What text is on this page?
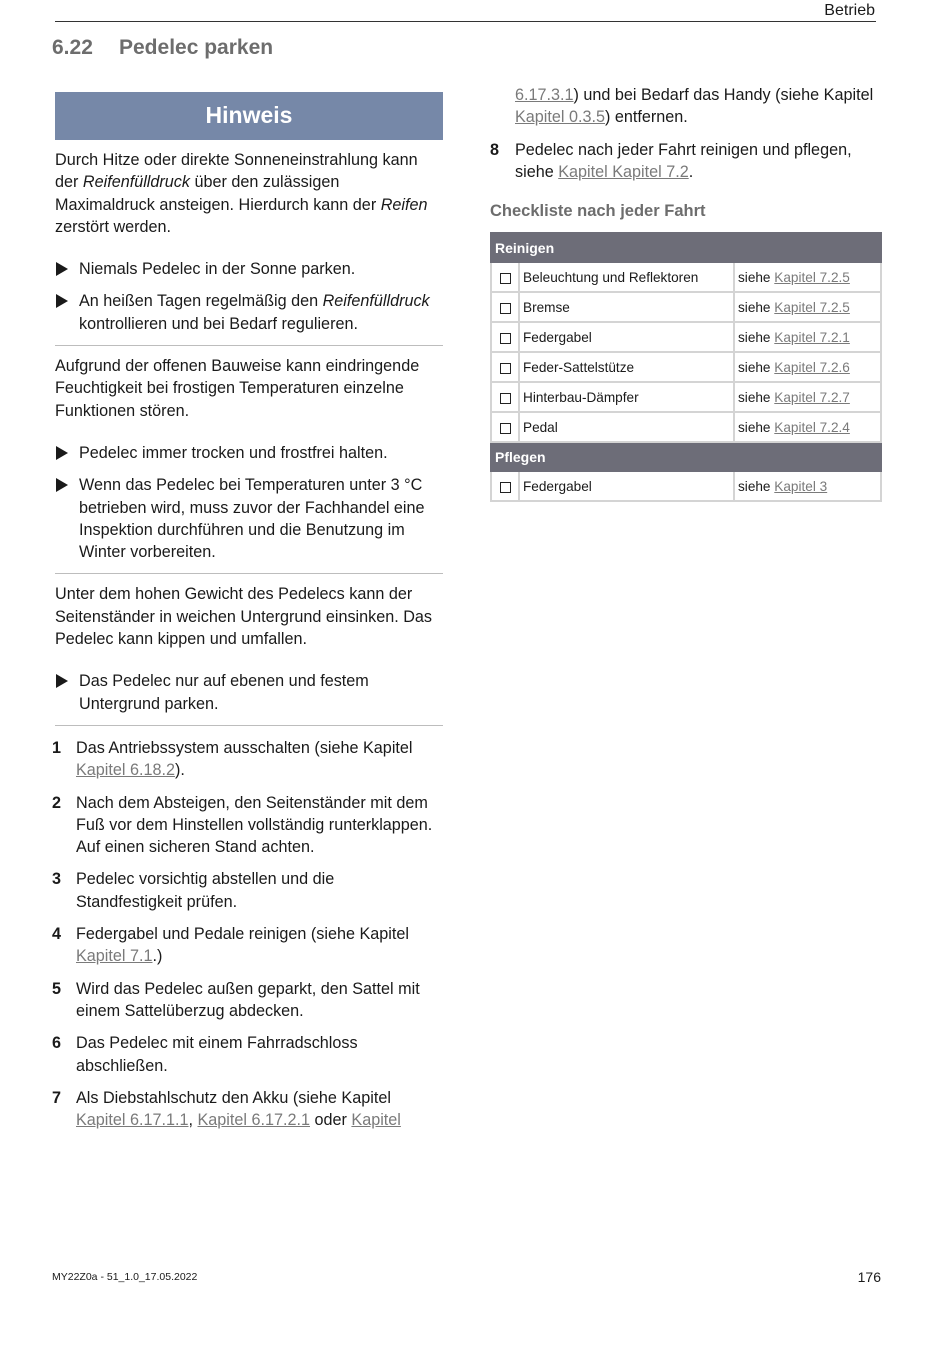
Betrieb
6.22 Pedelec parken
Hinweis

Durch Hitze oder direkte Sonneneinstrahlung kann der Reifenfülldruck über den zulässigen Maximaldruck ansteigen. Hierdurch kann der Reifen zerstört werden.

Niemals Pedelec in der Sonne parken.
An heißen Tagen regelmäßig den Reifenfülldruck kontrollieren und bei Bedarf regulieren.

Aufgrund der offenen Bauweise kann eindringende Feuchtigkeit bei frostigen Temperaturen einzelne Funktionen stören.

Pedelec immer trocken und frostfrei halten.
Wenn das Pedelec bei Temperaturen unter 3 °C betrieben wird, muss zuvor der Fachhandel eine Inspektion durchführen und die Benutzung im Winter vorbereiten.

Unter dem hohen Gewicht des Pedelecs kann der Seitenständer in weichen Untergrund einsinken. Das Pedelec kann kippen und umfallen.

Das Pedelec nur auf ebenen und festem Untergrund parken.
1 Das Antriebssystem ausschalten (siehe Kapitel Kapitel 6.18.2).
2 Nach dem Absteigen, den Seitenständer mit dem Fuß vor dem Hinstellen vollständig runterklappen. Auf einen sicheren Stand achten.
3 Pedelec vorsichtig abstellen und die Standfestigkeit prüfen.
4 Federgabel und Pedale reinigen (siehe Kapitel Kapitel 7.1.)
5 Wird das Pedelec außen geparkt, den Sattel mit einem Sattelüberzug abdecken.
6 Das Pedelec mit einem Fahrradschloss abschließen.
7 Als Diebstahlschutz den Akku (siehe Kapitel Kapitel 6.17.1.1, Kapitel 6.17.2.1 oder Kapitel
6.17.3.1) und bei Bedarf das Handy (siehe Kapitel Kapitel 0.3.5) entfernen.
8 Pedelec nach jeder Fahrt reinigen und pflegen, siehe Kapitel Kapitel 7.2.
Checkliste nach jeder Fahrt
Reinigen		
	Beleuchtung und Reflektoren	siehe Kapitel 7.2.5
	Bremse	siehe Kapitel 7.2.5
	Federgabel	siehe Kapitel 7.2.1
	Feder-Sattelstütze	siehe Kapitel 7.2.6
	Hinterbau-Dämpfer	siehe Kapitel 7.2.7
	Pedal	siehe Kapitel 7.2.4
Pflegen		
	Federgabel	siehe Kapitel 3
MY22Z0a - 51_1.0_17.05.2022	176
